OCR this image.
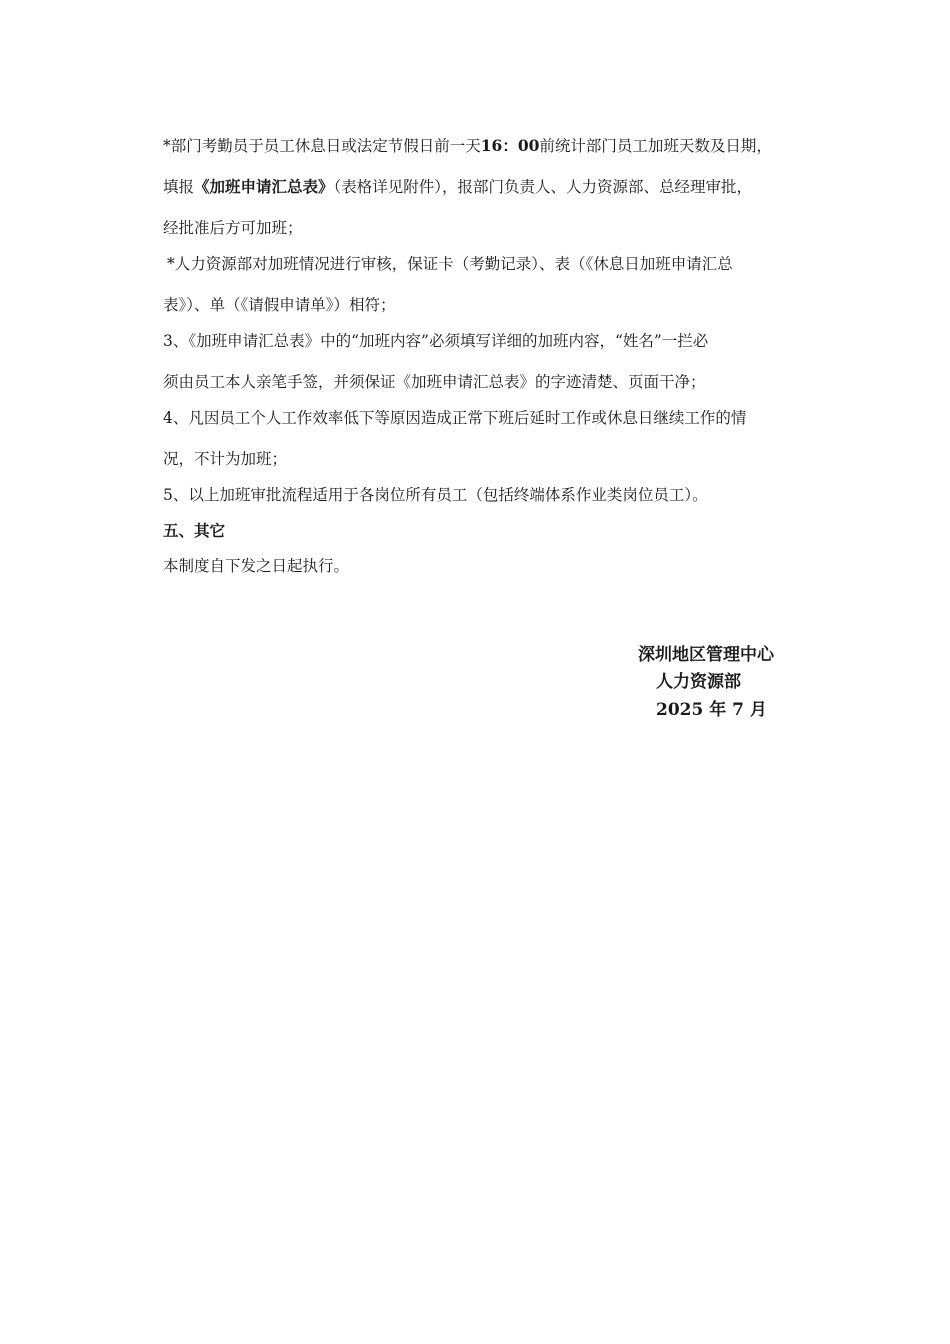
*部门考勤员于员工休息日或法定节假日前一天16：00前统计部门员工加班天数及日期，
填报《加班申请汇总表》（表格详见附件），报部门负责人、人力资源部、总经理审批，
经批准后方可加班；
*人力资源部对加班情况进行审核，保证卡（考勤记录）、表（《休息日加班申请汇总
表》）、单（《请假申请单》）相符；
3、《加班申请汇总表》中的“加班内容”必须填写详细的加班内容，“姓名”一拦必
须由员工本人亲笔手签，并须保证《加班申请汇总表》的字迹清楚、页面干净；
4、凡因员工个人工作效率低下等原因造成正常下班后延时工作或休息日继续工作的情
况，不计为加班；
5、以上加班审批流程适用于各岗位所有员工（包括终端体系作业类岗位员工）。
五、其它
本制度自下发之日起执行。
深圳地区管理中心
人力资源部
2025 年 7 月
